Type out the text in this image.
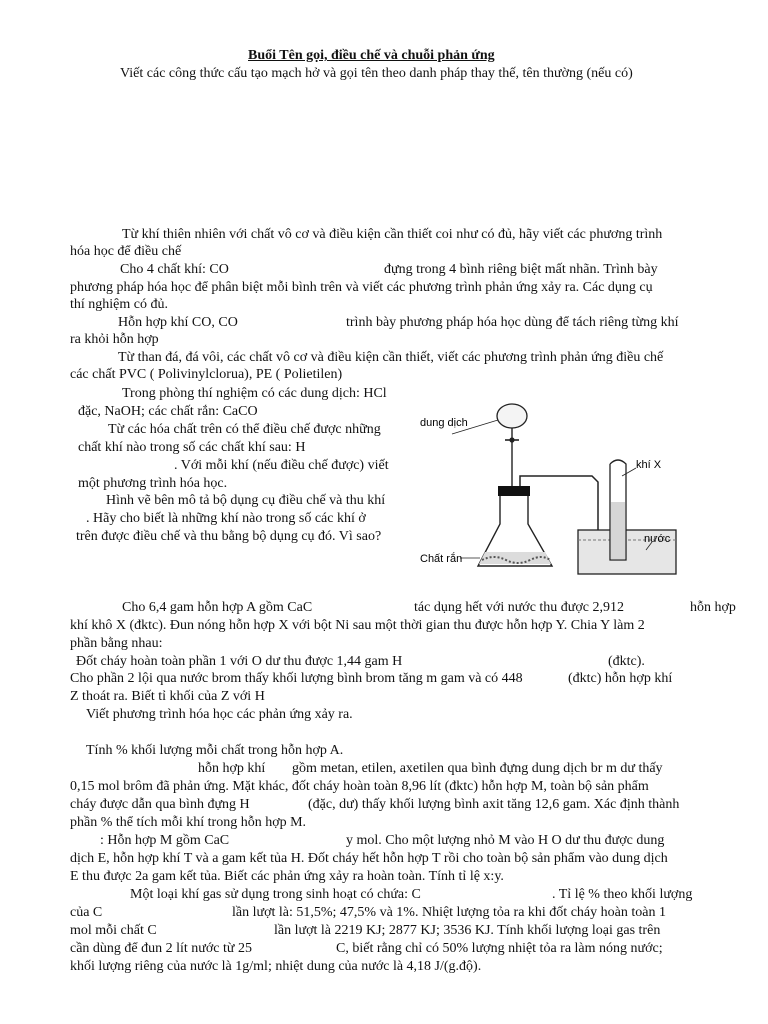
Buổi Tên gọi, điều chế và chuỗi phản ứng
Viết các công thức cấu tạo mạch hở và gọi tên theo danh pháp thay thế, tên thường (nếu có)
Từ khí thiên nhiên với chất vô cơ và điều kiện cần thiết coi như có đủ, hãy viết các phương trình
hóa học để điều chế
Cho 4 chất khí: CO	đựng trong 4 bình riêng biệt mất nhãn. Trình bày
phương pháp hóa học để phân biệt mỗi bình trên và viết các phương trình phản ứng xảy ra. Các dụng cụ
thí nghiệm có đủ.
Hỗn hợp khí CO, CO	trình bày phương pháp hóa học dùng để tách riêng từng khí
ra khỏi hỗn hợp
Từ than đá, đá vôi, các chất vô cơ và điều kiện cần thiết, viết các phương trình phản ứng điều chế
các chất PVC ( Polivinylclorua), PE ( Polietilen)
Trong phòng thí nghiệm có các dung dịch: HCl
đặc, NaOH; các chất rắn: CaCO
Từ các hóa chất trên có thể điều chế được những
chất khí nào trong số các chất khí sau: H
. Với mỗi khí (nếu điều chế được) viết
một phương trình hóa học.
Hình vẽ bên mô tả bộ dụng cụ điều chế và thu khí
. Hãy cho biết là những khí nào trong số các khí ở
trên được điều chế và thu bằng bộ dụng cụ đó. Vì sao?
dung dịch
khí X
nước
Chất rắn
Cho 6,4 gam hỗn hợp A gồm CaC	tác dụng hết với nước thu được 2,912	hỗn hợp
khí khô X (đktc). Đun nóng hỗn hợp X với bột Ni sau một thời gian thu được hỗn hợp Y. Chia Y làm 2
phần bằng nhau:
Đốt cháy hoàn toàn phần 1 với O dư thu được 1,44 gam H	(đktc).
Cho phần 2 lội qua nước brom thấy khối lượng bình brom tăng m gam và có 448	(đktc) hỗn hợp khí
Z thoát ra. Biết tỉ khối của Z với H
Viết phương trình hóa học các phản ứng xảy ra.
Tính % khối lượng mỗi chất trong hỗn hợp A.
hỗn hợp khí gồm metan, etilen, axetilen qua bình đựng dung dịch br m dư thấy
0,15 mol brôm đã phản ứng. Mặt khác, đốt cháy hoàn toàn 8,96 lít (đktc) hỗn hợp M, toàn bộ sản phẩm
cháy được dẫn qua bình đựng H	(đặc, dư) thấy khối lượng bình axit tăng 12,6 gam. Xác định thành
phần % thể tích mỗi khí trong hỗn hợp M.
: Hỗn hợp M gồm CaC	y mol. Cho một lượng nhỏ M vào H O dư thu được dung
dịch E, hỗn hợp khí T và a gam kết tủa H. Đốt cháy hết hỗn hợp T rồi cho toàn bộ sản phẩm vào dung dịch
E thu được 2a gam kết tủa. Biết các phản ứng xảy ra hoàn toàn. Tính tỉ lệ x:y.
Một loại khí gas sử dụng trong sinh hoạt có chứa: C	. Tỉ lệ % theo khối lượng
của C	lần lượt là: 51,5%; 47,5% và 1%. Nhiệt lượng tỏa ra khi đốt cháy hoàn toàn 1
mol mỗi chất C	lần lượt là 2219 KJ; 2877 KJ; 3536 KJ. Tính khối lượng loại gas trên
cần dùng để đun 2 lít nước từ 25	C, biết rằng chỉ có 50% lượng nhiệt tỏa ra làm nóng nước;
khối lượng riêng của nước là 1g/ml; nhiệt dung của nước là 4,18 J/(g.độ).
